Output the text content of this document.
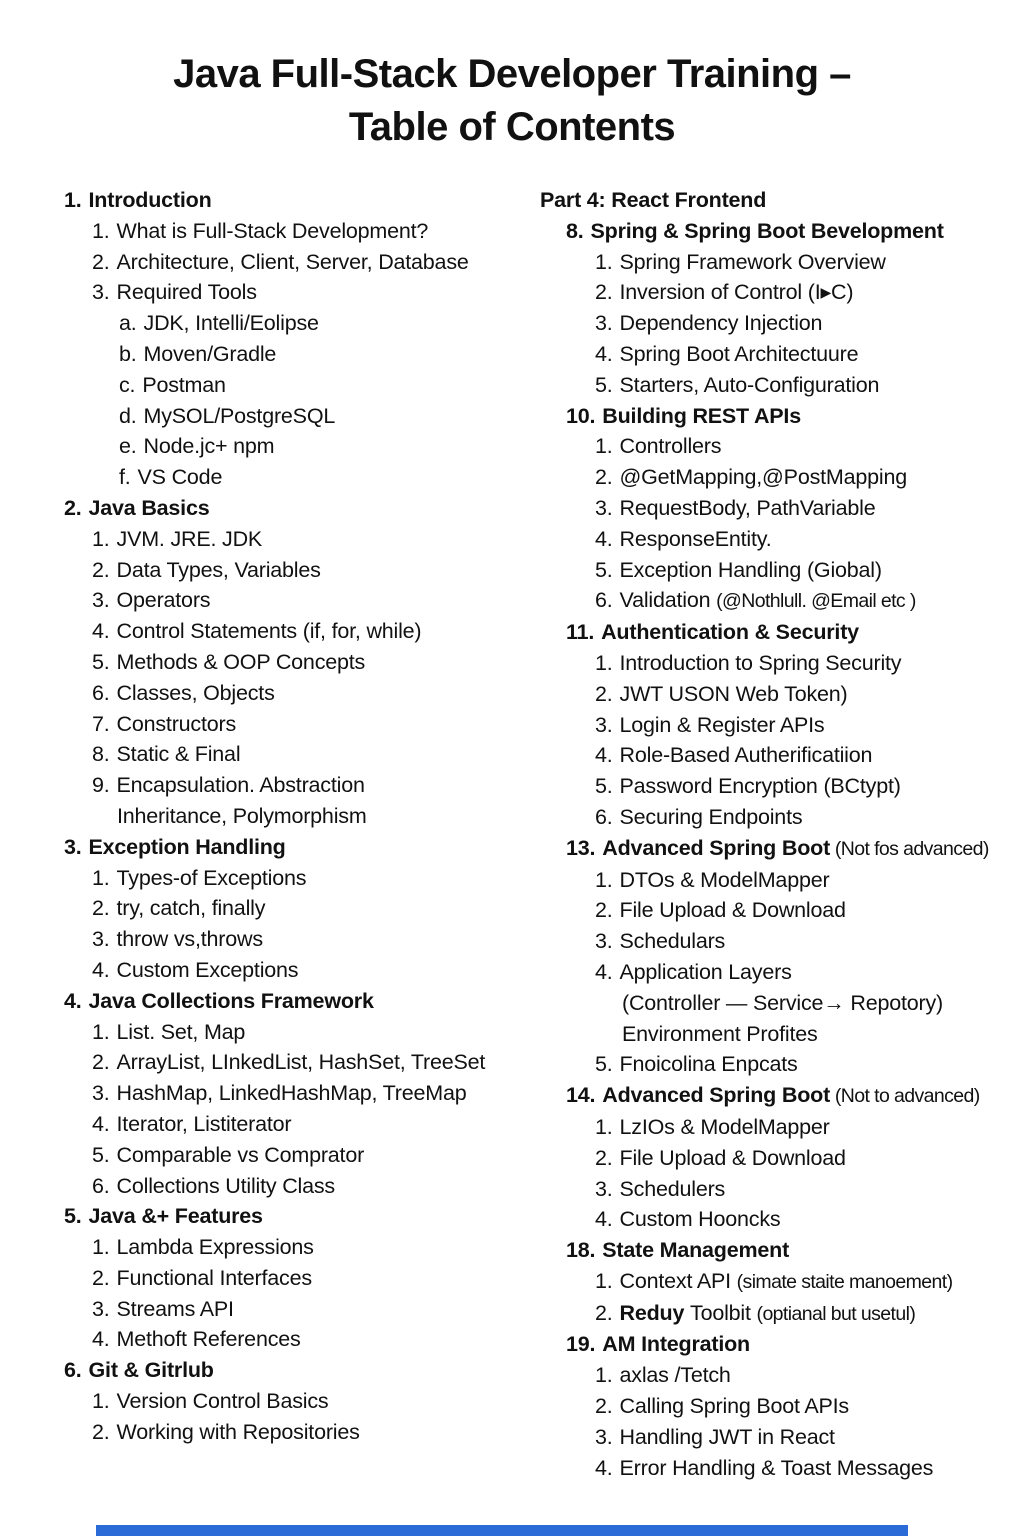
Java Full-Stack Developer Training –
Table of Contents
1. Introduction
1. What is Full-Stack Development?
2. Architecture, Client, Server, Database
3. Required Tools
a. JDK, Intelli/Eolipse
b. Moven/Gradle
c. Postman
d. MySOL/PostgreSQL
e. Node.jc+ npm
f. VS Code
2. Java Basics
1. JVM. JRE. JDK
2. Data Types, Variables
3. Operators
4. Control Statements (if, for, while)
5. Methods & OOP Concepts
6. Classes, Objects
7. Constructors
8. Static & Final
9. Encapsulation. Abstraction
Inheritance, Polymorphism
3. Exception Handling
1. Types-of Exceptions
2. try, catch, finally
3. throw vs,throws
4. Custom Exceptions
4. Java Collections Framework
1. List. Set, Map
2. ArrayList, LInkedList, HashSet, TreeSet
3. HashMap, LinkedHashMap, TreeMap
4. Iterator, Listiterator
5. Comparable vs Comprator
6. Collections Utility Class
5. Java &+ Features
1. Lambda Expressions
2. Functional Interfaces
3. Streams API
4. Methoft References
6. Git & Gitrlub
1. Version Control Basics
2. Working with Repositories
Part 4: React Frontend
8. Spring & Spring Boot Bevelopment
1. Spring Framework Overview
2. Inversion of Control (I▸C)
3. Dependency Injection
4. Spring Boot Architectuure
5. Starters, Auto-Configuration
10. Building REST APIs
1. Controllers
2. @GetMapping,@PostMapping
3. RequestBody, PathVariable
4. ResponseEntity.
5. Exception Handling (Giobal)
6. Validation (@Nothlull. @Email etc )
11. Authentication & Security
1. Introduction to Spring Security
2. JWT USON Web Token)
3. Login & Register APIs
4. Role-Based Autherificatiion
5. Password Encryption (BCtypt)
6. Securing Endpoints
13. Advanced Spring Boot (Not fos advanced)
1. DTOs & ModelMapper
2. File Upload & Download
3. Schedulars
4. Application Layers
(Controller — Service→ Repotory)
Environment Profites
5. Fnoicolina Enpcats
14. Advanced Spring Boot (Not to advanced)
1. LzIOs & ModelMapper
2. File Upload & Download
3. Schedulers
4. Custom Hooncks
18. State Management
1. Context API (simate staite manoement)
2. Reduy Toolbit (optianal but usetul)
19. AM Integration
1. axlas /Tetch
2. Calling Spring Boot APIs
3. Handling JWT in React
4. Error Handling & Toast Messages
